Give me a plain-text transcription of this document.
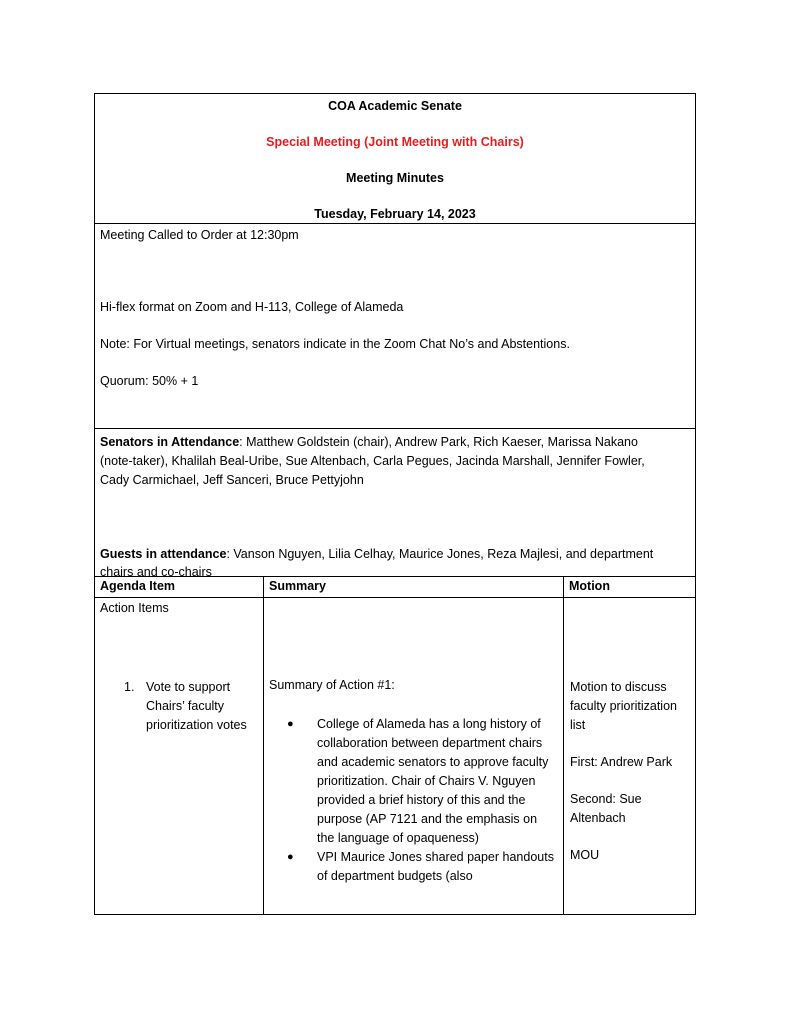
COA Academic Senate
Special Meeting (Joint Meeting with Chairs)
Meeting Minutes
Tuesday, February 14, 2023
Meeting Called to Order at 12:30pm
Hi-flex format on Zoom and H-113, College of Alameda
Note: For Virtual meetings, senators indicate in the Zoom Chat No’s and Abstentions.
Quorum: 50% + 1
Senators in Attendance: Matthew Goldstein (chair), Andrew Park, Rich Kaeser, Marissa Nakano
(note-taker), Khalilah Beal-Uribe, Sue Altenbach, Carla Pegues, Jacinda Marshall, Jennifer Fowler,
Cady Carmichael, Jeff Sanceri, Bruce Pettyjohn
Guests in attendance: Vanson Nguyen, Lilia Celhay, Maurice Jones, Reza Majlesi, and department
chairs and co-chairs
Agenda Item	Summary	Motion
Action Items
1. Vote to support Chairs’ faculty prioritization votes
Summary of Action #1:
● College of Alameda has a long history of collaboration between department chairs and academic senators to approve faculty prioritization. Chair of Chairs V. Nguyen provided a brief history of this and the purpose (AP 7121 and the emphasis on the language of opaqueness)
● VPI Maurice Jones shared paper handouts of department budgets (also

Motion to discuss faculty prioritization list

First: Andrew Park

Second: Sue Altenbach

MOU
